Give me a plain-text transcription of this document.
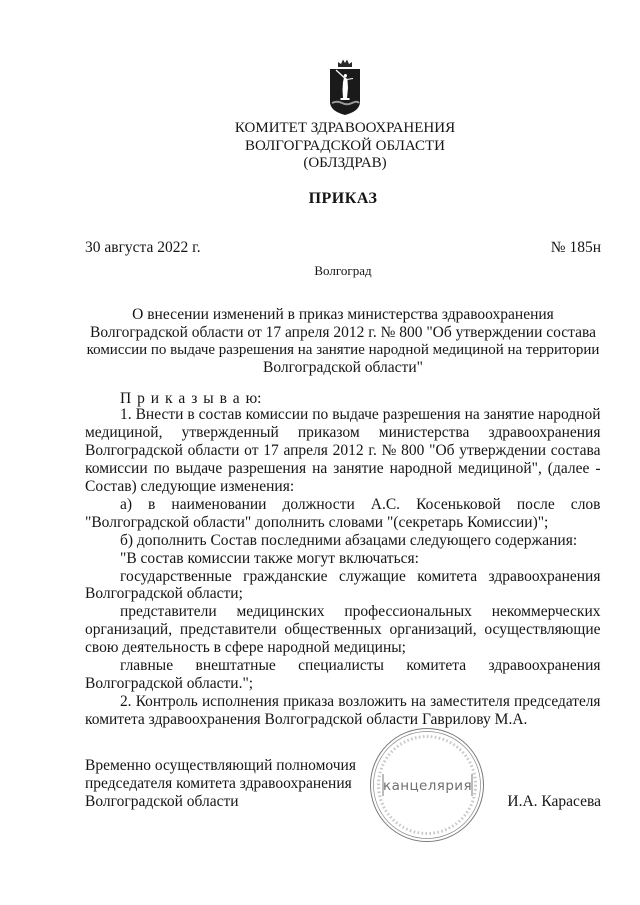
КОМИТЕТ ЗДРАВООХРАНЕНИЯ
ВОЛГОГРАДСКОЙ ОБЛАСТИ
(ОБЛЗДРАВ)
ПРИКАЗ
30 августа 2022 г.	№ 185н
Волгоград
О внесении изменений в приказ министерства здравоохранения
Волгоградской области от 17 апреля 2012 г. № 800 "Об утверждении состава
комиссии по выдаче разрешения на занятие народной медициной на территории
Волгоградской области"
П р и к а з ы в а ю:
1. Внести в состав комиссии по выдаче разрешения на занятие народной
медициной, утвержденный приказом министерства здравоохранения
Волгоградской области от 17 апреля 2012 г. № 800 "Об утверждении состава
комиссии по выдаче разрешения на занятие народной медициной", (далее -
Состав) следующие изменения:
а) в наименовании должности А.С. Косеньковой после слов
"Волгоградской области" дополнить словами "(секретарь Комиссии)";
б) дополнить Состав последними абзацами следующего содержания:
"В состав комиссии также могут включаться:
государственные гражданские служащие комитета здравоохранения
Волгоградской области;
представители медицинских профессиональных некоммерческих
организаций, представители общественных организаций, осуществляющие
свою деятельность в сфере народной медицины;
главные внештатные специалисты комитета здравоохранения
Волгоградской области.";
2. Контроль исполнения приказа возложить на заместителя председателя
комитета здравоохранения Волгоградской области Гаврилову М.А.
канцелярия
Временно осуществляющий полномочия
председателя комитета здравоохранения
Волгоградской области	И.А. Карасева
